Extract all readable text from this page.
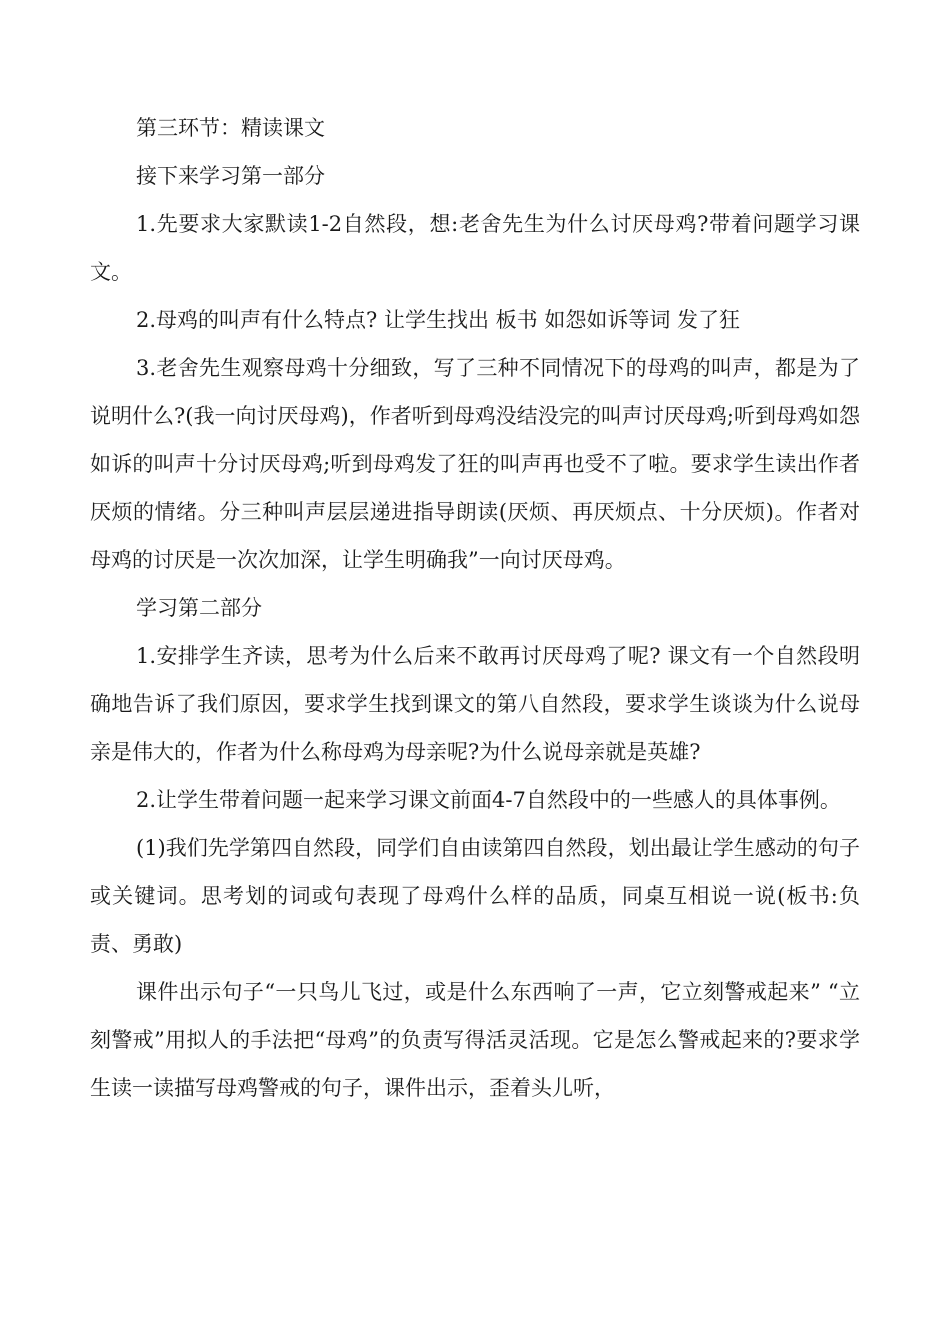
第三环节：精读课文

接下来学习第一部分

1.先要求大家默读1-2自然段，想:老舍先生为什么讨厌母鸡?带着问题学习课文。

2.母鸡的叫声有什么特点? 让学生找出 板书 如怨如诉等词 发了狂

3.老舍先生观察母鸡十分细致，写了三种不同情况下的母鸡的叫声，都是为了说明什么?(我一向讨厌母鸡)，作者听到母鸡没结没完的叫声讨厌母鸡;听到母鸡如怨如诉的叫声十分讨厌母鸡;听到母鸡发了狂的叫声再也受不了啦。要求学生读出作者厌烦的情绪。分三种叫声层层递进指导朗读(厌烦、再厌烦点、十分厌烦)。作者对母鸡的讨厌是一次次加深，让学生明确我”一向讨厌母鸡。

学习第二部分

1.安排学生齐读，思考为什么后来不敢再讨厌母鸡了呢? 课文有一个自然段明确地告诉了我们原因，要求学生找到课文的第八自然段，要求学生谈谈为什么说母亲是伟大的，作者为什么称母鸡为母亲呢?为什么说母亲就是英雄?

2.让学生带着问题一起来学习课文前面4-7自然段中的一些感人的具体事例。

(1)我们先学第四自然段，同学们自由读第四自然段，划出最让学生感动的句子或关键词。思考划的词或句表现了母鸡什么样的品质，同桌互相说一说(板书:负责、勇敢)

课件出示句子“一只鸟儿飞过，或是什么东西响了一声，它立刻警戒起来” “立刻警戒”用拟人的手法把“母鸡”的负责写得活灵活现。它是怎么警戒起来的?要求学生读一读描写母鸡警戒的句子，课件出示，歪着头儿听，
